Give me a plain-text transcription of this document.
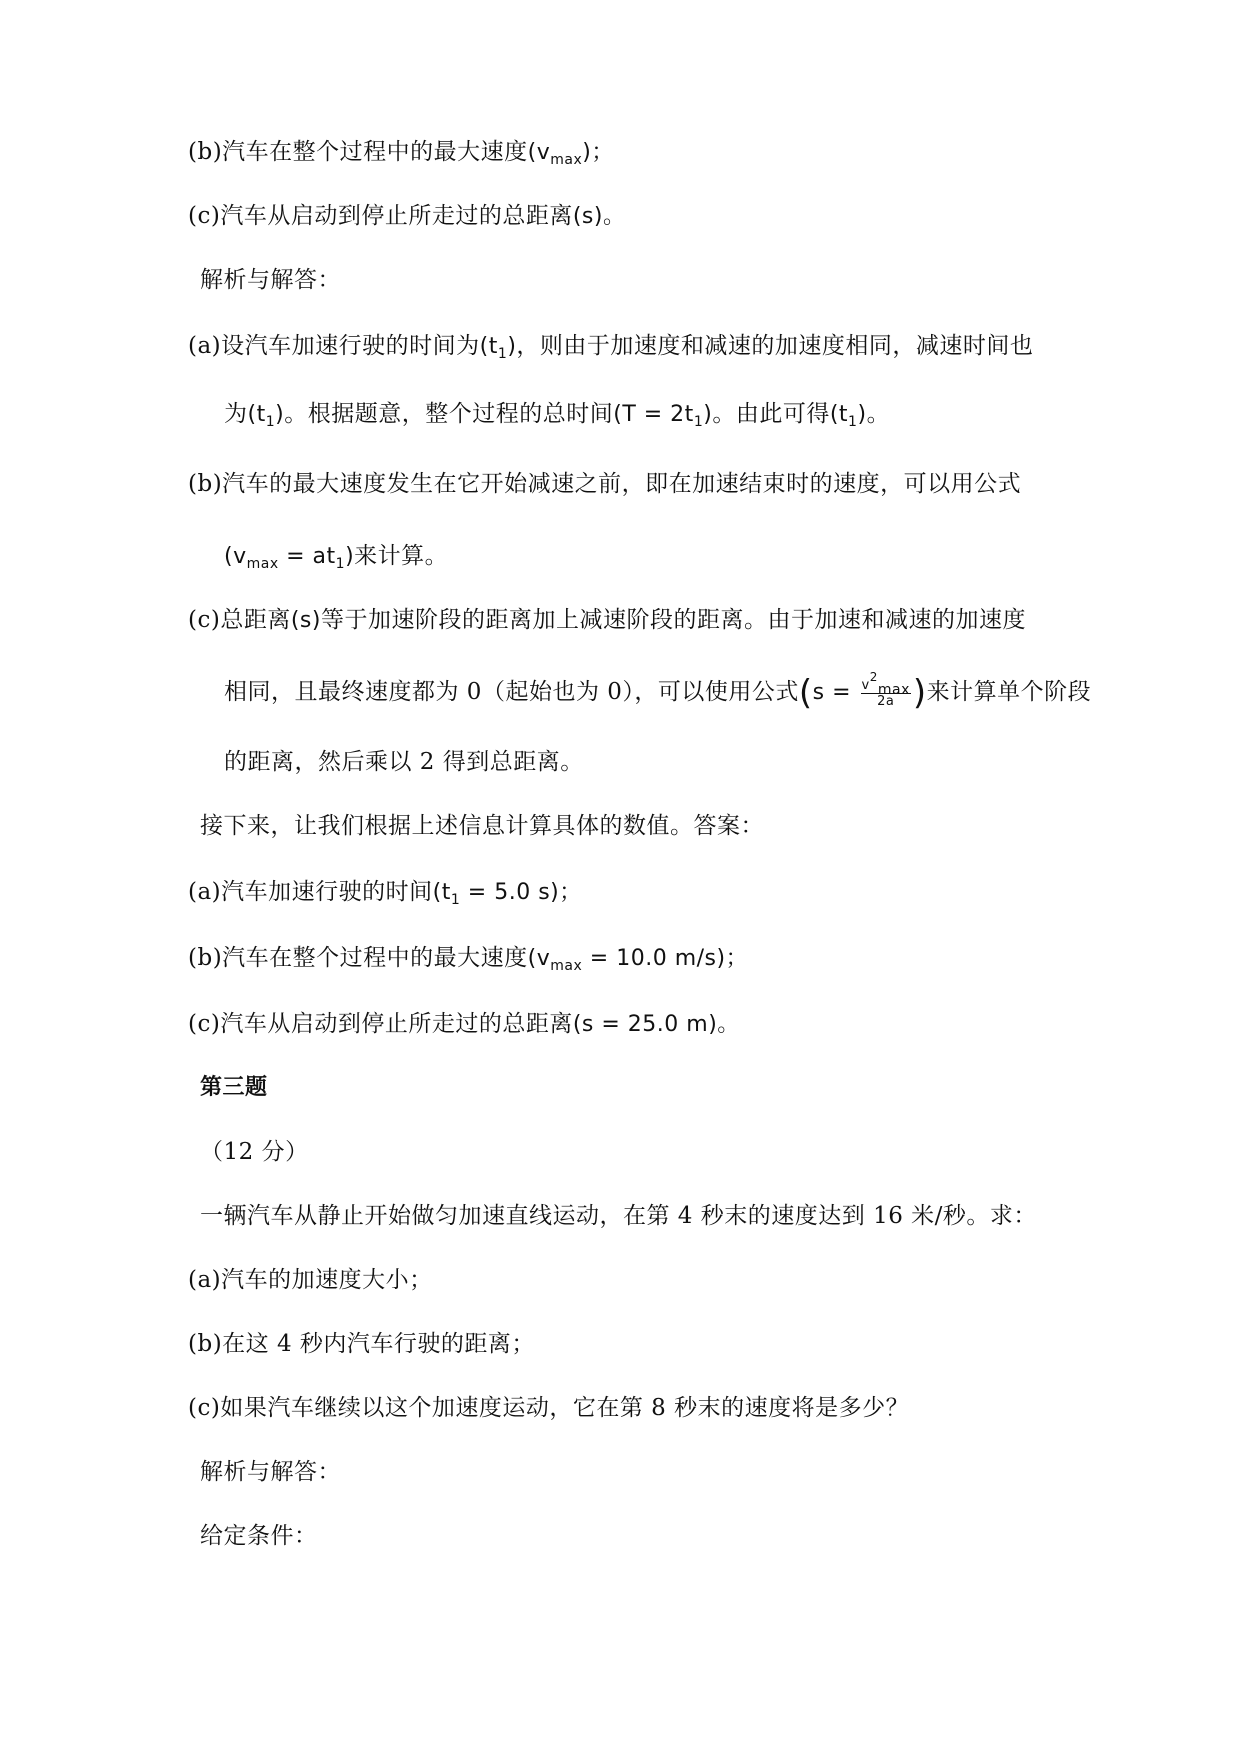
(b)汽车在整个过程中的最大速度$(v_{max})$；
(c)汽车从启动到停止所走过的总距离(s)。
解析与解答：
(a)设汽车加速行驶的时间为$(t_1)$，则由于加速度和减速的加速度相同，减速时间也
为$(t_1)$。根据题意，整个过程的总时间$(T = 2t_1)$。由此可得$(t_1)$。
(b)汽车的最大速度发生在它开始减速之前，即在加速结束时的速度，可以用公式
$(v_{max} = at_1)$来计算。
(c)总距离(s)等于加速阶段的距离加上减速阶段的距离。由于加速和减速的加速度
相同，且最终速度都为 0（起始也为 0），可以使用公式($s = \frac{v^2_{max}}{2a}$ )来计算单个阶段
的距离，然后乘以 2 得到总距离。
接下来，让我们根据上述信息计算具体的数值。答案：
(a)汽车加速行驶的时间($t_1 = 5.0$ s)；
(b)汽车在整个过程中的最大速度($v_{max} = 10.0$ m/s)；
(c)汽车从启动到停止所走过的总距离(s = 25.0 m)。
第三题
（12 分）
一辆汽车从静止开始做匀加速直线运动，在第 4 秒末的速度达到 16 米/秒。求：
(a)汽车的加速度大小；
(b)在这 4 秒内汽车行驶的距离；
(c)如果汽车继续以这个加速度运动，它在第 8 秒末的速度将是多少？
解析与解答：
给定条件：
